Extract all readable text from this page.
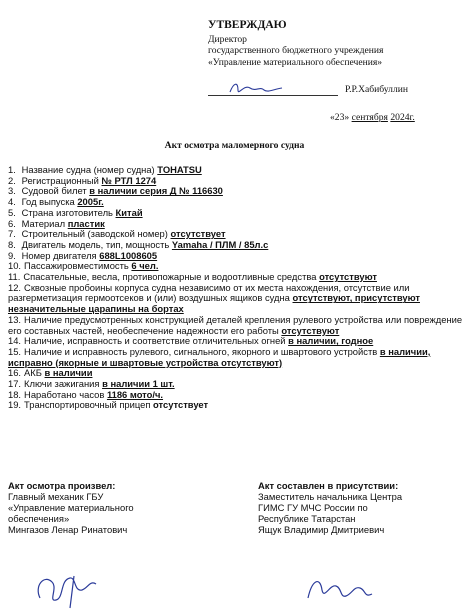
УТВЕРЖДАЮ
Директор
государственного бюджетного учреждения
«Управление материального обеспечения»
Р.Р.Хабибуллин
«23» сентября 2024г.
Акт осмотра маломерного судна
1. Название судна (номер судна) TOHATSU
2. Регистрационный № РТЛ 1274
3. Судовой билет в наличии серия Д № 116630
4. Год выпуска 2005г.
5. Страна изготовитель Китай
6. Материал пластик
7. Строительный (заводской номер) отсутствует
8. Двигатель модель, тип, мощность Yamaha / ПЛМ / 85л.с
9. Номер двигателя 688L1008605
10. Пассажировместимость 6 чел.
11. Спасательные, весла, противопожарные и водоотливные средства отсутствуют
12. Сквозные пробоины корпуса судна независимо от их места нахождения, отсутствие или разгерметизация гермоотсеков и (или) воздушных ящиков судна отсутствуют, присутствуют незначительные царапины на бортах
13. Наличие предусмотренных конструкцией деталей крепления рулевого устройства или повреждение его составных частей, необеспечение надежности его работы отсутствуют
14. Наличие, исправность и соответствие отличительных огней в наличии, годное
15. Наличие и исправность рулевого, сигнального, якорного и швартового устройств в наличии, исправно (якорные и швартовые устройства отсутствуют)
16. АКБ в наличии
17. Ключи зажигания в наличии 1 шт.
18. Наработано часов 1186 мото/ч.
19. Транспортировочный прицеп отсутствует
Акт осмотра произвел:
Главный механик ГБУ
«Управление материального
обеспечения»
Мингазов Ленар Ринатович
Акт составлен в присутствии:
Заместитель начальника Центра
ГИМС ГУ МЧС России по
Республике Татарстан
Ящук Владимир Дмитриевич
